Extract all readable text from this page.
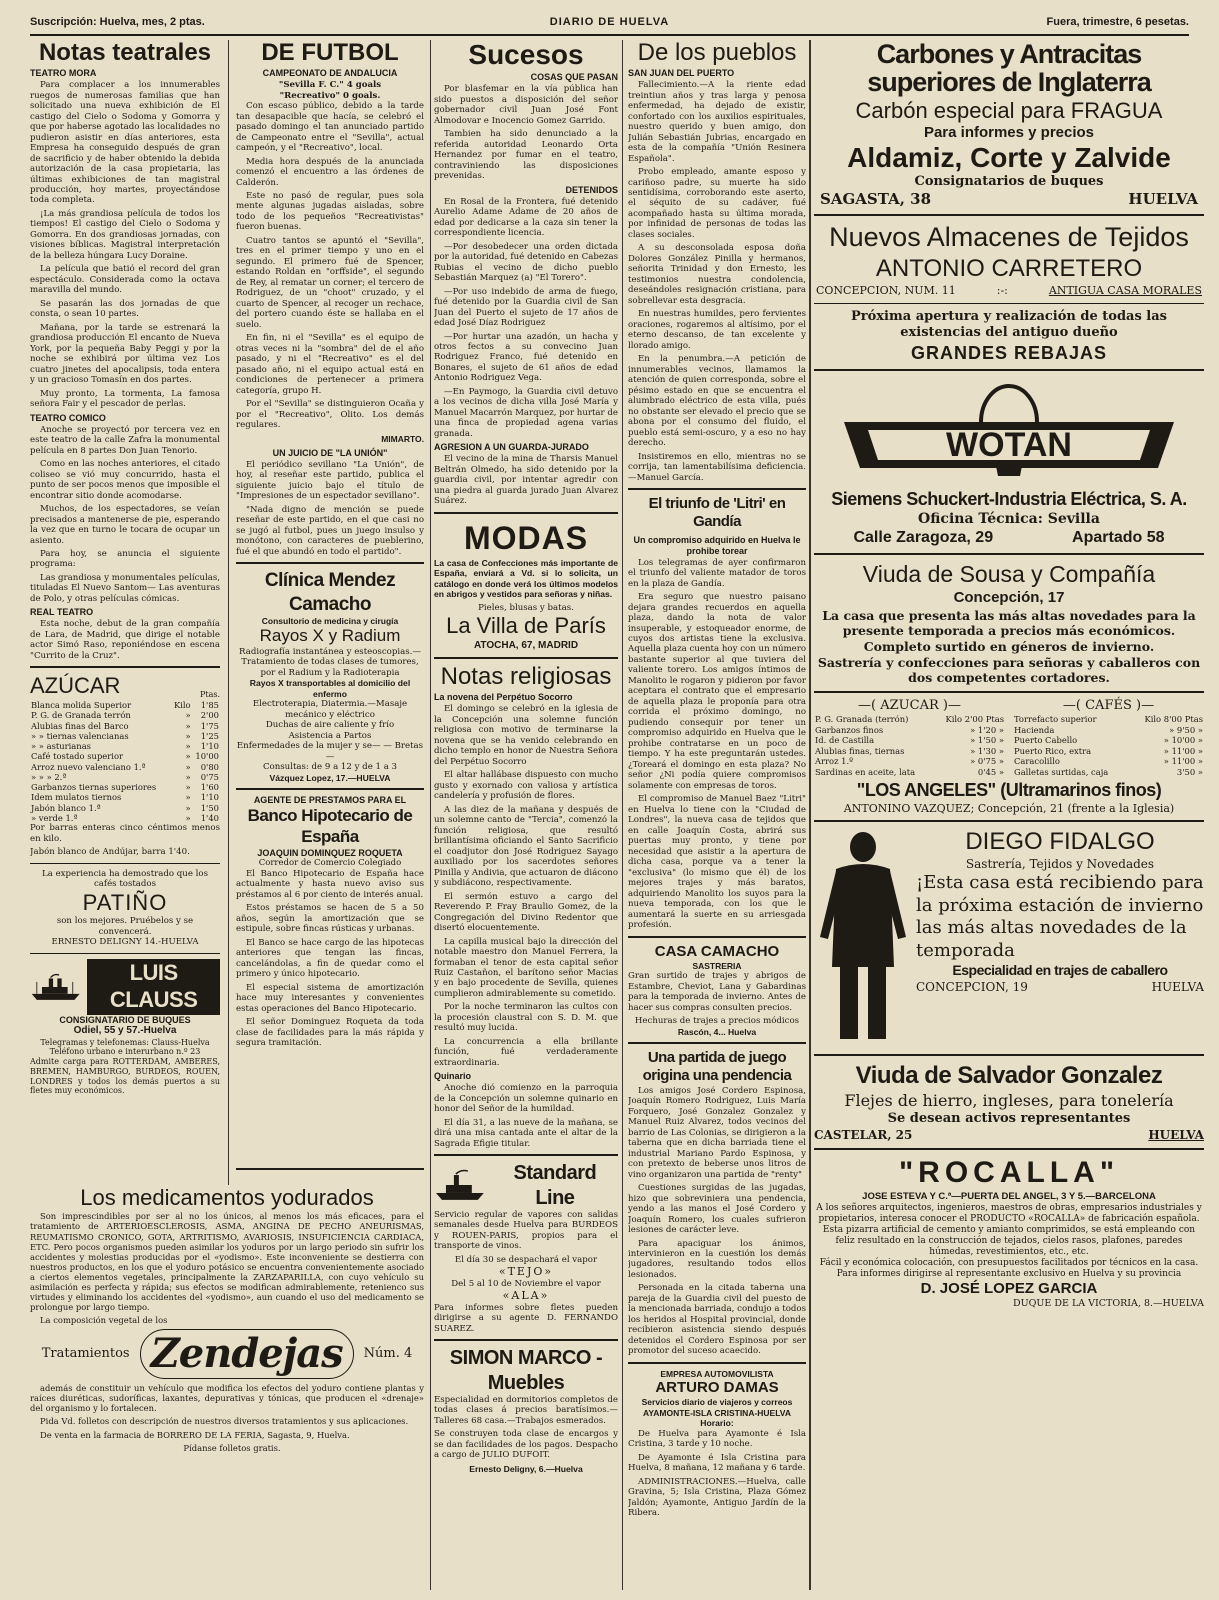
Suscripción: Huelva, mes, 2 ptas.	DIARIO DE HUELVA	Fuera, trimestre, 6 pesetas.
Notas teatrales
TEATRO MORA

Para complacer a los innumerables ruegos de numerosas familias que han solicitado una nueva exhibición de El castigo del Cielo o Sodoma y Gomorra y que por haberse agotado las localidades no pudieron asistir en días anteriores, esta Empresa ha conseguido después de gran de sacrificio y de haber obtenido la debida autorización de la casa propietaria, las últimas exhibiciones de tan magistral producción, hoy martes, proyectándose toda completa.

¡La más grandiosa película de todos los tiempos! El castigo del Cielo o Sodoma y Gomorra. En dos grandiosas jornadas, con visiones bíblicas. Magistral interpretación de la belleza húngara Lucy Doraine.

La película que batió el record del gran espectáculo. Considerada como la octava maravilla del mundo.

Se pasarán las dos jornadas de que consta, o sean 10 partes.

Mañana, por la tarde se estrenará la grandiosa producción El encanto de Nueva York, por la pequeña Baby Peggi y por la noche se exhibirá por última vez Los cuatro jinetes del apocalipsis, toda entera y un gracioso Tomasín en dos partes.

Muy pronto, La tormenta, La famosa señora Fair y el pescador de perlas.

TEATRO COMICO

Anoche se proyectó por tercera vez en este teatro de la calle Zafra la monumental película en 8 partes Don Juan Tenorio.

Como en las noches anteriores, el citado coliseo se vió muy concurrido, hasta el punto de ser pocos menos que imposible el encontrar sitio donde acomodarse.

Muchos, de los espectadores, se veían precisados a mantenerse de pie, esperando la vez que en turno le tocara de ocupar un asiento.

Para hoy, se anuncia el siguiente programa:

Las grandiosa y monumentales películas, tituladas El Nuevo Santom— Las aventuras de Polo, y otras películas cómicas.

REAL TEATRO

Esta noche, debut de la gran compañía de Lara, de Madrid, que dirige el notable actor Simó Raso, reponiéndose en escena "Currito de la Cruz".

AZÚCAR	Ptas.
Blanca molida Superior	Kilo	1'85
P. G. de Granada terrón	»	2'00
Alubias finas del Barco	»	1'75
» » tiernas valencianas	»	1'25
» » asturianas	»	1'10
Café tostado superior	»	10'00
Arroz nuevo valenciano 1.ª	»	0'80
» » » 2.ª	»	0'75
Garbanzos tiernas superiores	»	1'60
Idem mulatos tiernos	»	1'10
Jabón blanco 1.ª	»	1'50
» verde 1.ª	»	1'40

Por barras enteras cinco céntimos menos en kilo.

Jabón blanco de Andújar, barra 1'40.

La experiencia ha demostrado que los cafés tostados
PATIÑO
son los mejores. Pruébelos y se convencerá.
ERNESTO DELIGNY 14.-HUELVA
LUIS CLAUSS
CONSIGNATARIO DE BUQUES
Odiel, 55 y 57.-Huelva
Telegramas y telefonemas: Clauss-Huelva
Teléfono urbano e interurbano n.º 23

Admite carga para ROTTERDAM, AMBERES, BREMEN, HAMBURGO, BURDEOS, ROUEN, LONDRES y todos los demás puertos a su fletes muy económicos.

DE FUTBOL
CAMPEONATO DE ANDALUCIA
"Sevilla F. C." 4 goals
"Recreativo" 0 goals.

Con escaso público, debido a la tarde tan desapacible que hacía, se celebró el pasado domingo el tan anunciado partido de Campeonato entre el "Sevilla", actual campeón, y el "Recreativo", local.

Media hora después de la anunciada comenzó el encuentro a las órdenes de Calderón.

Este no pasó de regular, pues sola mente algunas jugadas aisladas, sobre todo de los pequeños "Recreativistas" fueron buenas.

Cuatro tantos se apuntó el "Sevilla", tres en el primer tiempo y uno en el segundo. El primero fué de Spencer, estando Roldan en "orffside", el segundo de Rey, al rematar un corner; el tercero de Rodriguez, de un "choot" cruzado, y el cuarto de Spencer, al recoger un rechace, del portero cuando éste se hallaba en el suelo.

En fin, ni el "Sevilla" es el equipo de otras veces ni la "sombra" del de el año pasado, y ni el "Recreativo" es el del pasado año, ni el equipo actual está en condiciones de pertenecer a primera categoría, grupo H.

Por el "Sevilla" se distinguieron Ocaña y por el "Recreativo", Olito. Los demás regulares.

MIMARTO.
UN JUICIO DE "LA UNIÓN"

El periódico sevillano "La Unión", de hoy, al reseñar este partido, publica el siguiente juicio bajo el título de "Impresiones de un espectador sevillano".

"Nada digno de mención se puede reseñar de este partido, en el que casi no se jugó al futbol, pues un juego insulso y monótono, con caracteres de pueblerino, fué el que abundó en todo el partido".

Clínica Mendez Camacho
Consultorio de medicina y cirugía
Rayos X y Radium
Radiografía instantánea y esteoscopias.—Tratamiento de todas clases de tumores, por el Radium y la Radioterapia
Rayos X transportables al domicilio del enfermo
Electroterapia, Diatermia.—Masaje mecánico y eléctrico
Duchas de aire caliente y frío
Asistencia a Partos
Enfermedades de la mujer y se— — Bretas —
Consultas: de 9 a 12 y de 1 a 3
Vázquez Lopez, 17.—HUELVA
AGENTE DE PRESTAMOS PARA EL
Banco Hipotecario de España
JOAQUIN DOMINQUEZ ROQUETA
Corredor de Comercio Colegiado

El Banco Hipotecario de España hace actualmente y hasta nuevo aviso sus préstamos al 6 por ciento de interés anual.

Estos préstamos se hacen de 5 a 50 años, según la amortización que se estipule, sobre fincas rústicas y urbanas.

El Banco se hace cargo de las hipotecas anteriores que tengan las fincas, cancelándolas, a fin de quedar como el primero y único hipotecario.

El especial sistema de amortización hace muy interesantes y convenientes estas operaciones del Banco Hipotecario.

El señor Dominguez Roqueta da toda clase de facilidades para la más rápida y segura tramitación.

Los medicamentos yodurados

Son imprescindibles por ser al no los únicos, al menos los más eficaces, para el tratamiento de ARTERIOESCLEROSIS, ASMA, ANGINA DE PECHO ANEURISMAS, REUMATISMO CRONICO, GOTA, ARTRITISMO, AVARIOSIS, INSUFICIENCIA CARDIACA, ETC. Pero pocos organismos pueden asimilar los yoduros por un largo periodo sin sufrir los accidentes y molestias producidas por el «yodismo». Este inconveniente se destierra con nuestros productos, en los que el yoduro potásico se encuentra convenientemente asociado a ciertos elementos vegetales, principalmente la ZARZAPARILLA, con cuyo vehículo su asimilación es perfecta y rápida; sus efectos se modifican admirablemente, retenienco sus virtudes y eliminando los accidentes del «yodismo», aun cuando el uso del medicamento se prolongue por largo tiempo.

La composición vegetal de los

Tratamientos Zendejas	Núm. 4

además de constituir un vehículo que modifica los efectos del yoduro contiene plantas y raíces diuréticas, sudoríficas, laxantes, depurativas y tónicas, que producen el «drenaje» del organismo y lo fortalecen.

Pida Vd. folletos con descripción de nuestros diversos tratamientos y sus aplicaciones.

De venta en la farmacia de BORRERO DE LA FERIA, Sagasta, 9, Huelva.

Pídanse folletos gratis.

Sucesos
COSAS QUE PASAN

Por blasfemar en la vía pública han sido puestos a disposición del señor gobernador civil Juan José Font Almodovar e Inocencio Gomez Garrido.

Tambien ha sido denunciado a la referida autoridad Leonardo Orta Hernandez por fumar en el teatro, contraviniendo las disposiciones prevenidas.

DETENIDOS

En Rosal de la Frontera, fué detenido Aurelio Adame Adame de 20 años de edad por dedicarse a la caza sin tener la correspondiente licencia.

—Por desobedecer una orden dictada por la autoridad, fué detenido en Cabezas Rubias el vecino de dicho pueblo Sebastián Marquez (a) "El Torero".

—Por uso indebido de arma de fuego, fué detenido por la Guardia civil de San Juan del Puerto el sujeto de 17 años de edad José Díaz Rodriguez

—Por hurtar una azadón, un hacha y otros fectos a su convecino Juan Rodriguez Franco, fué detenido en Bonares, el sujeto de 61 años de edad Antonio Rodriguez Vega.

—En Paymogo, la Guardia civil detuvo a los vecinos de dicha villa José María y Manuel Macarrón Marquez, por hurtar de una finca de propiedad agena varias granada.

AGRESION A UN GUARDA-JURADO

El vecino de la mina de Tharsis Manuel Beltrán Olmedo, ha sido detenido por la guardia civil, por intentar agredir con una piedra al guarda jurado Juan Alvarez Suárez.

MODAS

La casa de Confecciones más importante de España, enviará a Vd. si lo solicita, un catálogo en donde verá los últimos modelos en abrigos y vestidos para señoras y niñas.

Pieles, blusas y batas.
La Villa de París
ATOCHA, 67, MADRID
Notas religiosas
La novena del Perpétuo Socorro

El domingo se celebró en la iglesia de la Concepción una solemne función religiosa con motivo de terminarse la novena que se ha venido celebrando en dicho templo en honor de Nuestra Señora del Perpétuo Socorro

El altar hallábase dispuesto con mucho gusto y exornado con valiosa y artística candelería y profusión de flores.

A las diez de la mañana y después de un solemne canto de "Tercia", comenzó la función religiosa, que resultó brillantísima oficiando el Santo Sacrificio el coadjutor don José Rodriguez Sayago auxiliado por los sacerdotes señores Pinilla y Andivia, que actuaron de diácono y subdiácono, respectivamente.

El sermón estuvo a cargo del Reverendo P. Fray Braulio Gomez, de la Congregación del Divino Redentor que disertó elocuentemente.

La capilla musical bajo la dirección del notable maestro don Manuel Ferrera, la formaban el tenor de esta capital señor Ruiz Castañon, el barítono señor Macias y en bajo procedente de Sevilla, quienes cumplieron admirablemente su cometido.

Por la noche terminaron las cultos con la procesión claustral con S. D. M. que resultó muy lucida.

La concurrencia a ella brillante función, fué verdaderamente extraordinaria.

Quinario

Anoche dió comienzo en la parroquia de la Concepción un solemne quinario en honor del Señor de la humildad.

El día 31, a las nueve de la mañana, se dirá una misa cantada ante el altar de la Sagrada Efigie titular.

Standard Line

Servicio regular de vapores con salidas semanales desde Huelva para BURDEOS y ROUEN-PARIS, propios para el transporte de vinos.

El día 30 se despachará el vapor
«TEJO»
Del 5 al 10 de Noviembre el vapor
«ALA»

Para informes sobre fletes pueden dirigirse a su agente D. FERNANDO SUAREZ.

SIMON MARCO -Muebles

Especialidad en dormitorios completos de todas clases á precios baratísimos.—Talleres 68 casa.—Trabajos esmerados.

Se construyen toda clase de encargos y se dan facilidades de los pagos. Despacho a cargo de JULIO DUFOIT.

Ernesto Deligny, 6.—Huelva
De los pueblos
SAN JUAN DEL PUERTO

Fallecimiento.—A la riente edad treintiun años y tras larga y penosa enfermedad, ha dejado de existir, confortado con los auxilios espirituales, nuestro querido y buen amigo, don Julián Sebastián Jubrias, encargado en esta de la compañía "Unión Resinera Española".

Probo empleado, amante esposo y cariñoso padre, su muerte ha sido sentidísima, corroborando este aserto, el séquito de su cadáver, fué acompañado hasta su última morada, por infinidad de personas de todas las clases sociales.

A su desconsolada esposa doña Dolores González Pinilla y hermanos, señorita Trinidad y don Ernesto, les testimonios nuestra condolencia, deseándoles resignación cristiana, para sobrellevar esta desgracia.

En nuestras humildes, pero fervientes oraciones, rogaremos al altísimo, por el eterno descanso, de tan excelente y llorado amigo.

En la penumbra.—A petición de innumerables vecinos, llamamos la atención de quien corresponda, sobre el pésimo estado en que se encuentra el alumbrado eléctrico de esta villa, pués no obstante ser elevado el precio que se abona por el consumo del fluido, el pueblo está semi-oscuro, y a eso no hay derecho.

Insistiremos en ello, mientras no se corrija, tan lamentabilísima deficiencia.—Manuel García.

El triunfo de 'Litri' en Gandía
Un compromiso adquirido en Huelva le prohibe torear

Los telegramas de ayer confirmaron el triunfo del valiente matador de toros en la plaza de Gandía.

Era seguro que nuestro paisano dejara grandes recuerdos en aquella plaza, dando la nota de valor insuperable, y estoqueador enorme, de cuyos dos artistas tiene la exclusiva. Aquella plaza cuenta hoy con un número bastante superior al que tuviera del valiente torero. Los amigos íntimos de Manolito le rogaron y pidieron por favor aceptara el contrato que el empresario de aquella plaza le proponía para otra corrida el próximo domingo, no pudiendo consequir por tener un compromiso adquirido en Huelva que le prohibe contratarse en un poco de tiempo. Y ha este preguntarán ustedes. ¿Toreará el domingo en esta plaza? No señor ¿Ni podía quiere compromisos solamente con empresas de toros.

El compromiso de Manuel Baez "Litri" en Huelva lo tiene con la "Ciudad de Londres", la nueva casa de tejidos que en calle Joaquín Costa, abrirá sus puertas muy pronto, y tiene por necesidad que asistir a la apertura de dicha casa, porque va a tener la "exclusiva" (lo mismo que él) de los mejores trajes y más baratos, adquiriendo Manolito los suyos para la nueva temporada, con los que le aumentará la suerte en su arriesgada profesión.

CASA CAMACHO
SASTRERIA

Gran surtido de trajes y abrigos de Estambre, Cheviot, Lana y Gabardinas para la temporada de invierno. Antes de hacer sus compras consulten precios.

Hechuras de trajes a precios módicos
Rascón, 4... Huelva
Una partida de juego origina una pendencia

Los amigos José Cordero Espinosa, Joaquín Romero Rodriguez, Luis María Forquero, José Gonzalez Gonzalez y Manuel Ruiz Alvarez, todos vecinos del barrio de Las Colonias, se dirigieron a la taberna que en dicha barriada tiene el industrial Mariano Pardo Espinosa, y con pretexto de beberse unos litros de vino organizaron una partida de "renty"

Cuestiones surgidas de las jugadas, hizo que sobreviniera una pendencia, yendo a las manos el José Cordero y Joaquín Romero, los cuales sufrieron lesiones de carácter leve.

Para apaciguar los ánimos, intervinieron en la cuestión los demás jugadores, resultando todos ellos lesionados.

Personada en la citada taberna una pareja de la Guardia civil del puesto de la mencionada barriada, condujo a todos los heridos al Hospital provincial, donde recibieron asistencia siendo después detenidos el Cordero Espinosa por ser promotor del suceso acaecido.

EMPRESA AUTOMOVILISTA
ARTURO DAMAS
Servicios diario de viajeros y correos AYAMONTE-ISLA CRISTINA-HUELVA
Horario:

De Huelva para Ayamonte é Isla Cristina, 3 tarde y 10 noche.

De Ayamonte é Isla Cristina para Huelva, 8 mañana, 12 mañana y 6 tarde.

ADMINISTRACIONES.—Huelva, calle Gravina, 5; Isla Cristina, Plaza Gómez Jaldón; Ayamonte, Antiguo Jardín de la Ribera.

Carbones y Antracitas superiores de Inglaterra
Carbón especial para FRAGUA
Para informes y precios
Aldamiz, Corte y Zalvide
Consignatarios de buques
SAGASTA, 38	HUELVA
Nuevos Almacenes de Tejidos
ANTONIO CARRETERO
CONCEPCION, NUM. 11	:-:	ANTIGUA CASA MORALES
Próxima apertura y realización de todas las existencias del antiguo dueño
GRANDES REBAJAS
WOTAN
Siemens Schuckert-Industria Eléctrica, S. A.
Oficina Técnica: Sevilla
Calle Zaragoza, 29	Apartado 58
Viuda de Sousa y Compañía
Concepción, 17
La casa que presenta las más altas novedades para la presente temporada a precios más económicos.
Completo surtido en géneros de invierno.
Sastrería y confecciones para señoras y caballeros con dos competentes cortadores.
—( AZUCAR )—
P. G. Granada (terrón)	Kilo 2'00 Ptas
Garbanzos finos	» 1'20 »
Id. de Castilla	» 1'50 »
Alubias finas, tiernas	» 1'30 »
Arroz 1.º	» 0'75 »
Sardinas en aceite, lata	0'45 »
—( CAFÉS )—
Torrefacto superior	Kilo 8'00 Ptas
Hacienda	» 9'50 »
Puerto Cabello	» 10'00 »
Puerto Rico, extra	» 11'00 »
Caracolillo	» 11'00 »
Galletas surtidas, caja	3'50 »
"LOS ANGELES" (Ultramarinos finos)
ANTONINO VAZQUEZ; Concepción, 21 (frente a la Iglesia)
DIEGO FIDALGO
Sastrería, Tejidos y Novedades
¡Esta casa está recibiendo para la próxima estación de invierno las más altas novedades de la temporada
Especialidad en trajes de caballero
CONCEPCION, 19	HUELVA
Viuda de Salvador Gonzalez
Flejes de hierro, ingleses, para tonelería
Se desean activos representantes
CASTELAR, 25	HUELVA
"ROCALLA"
JOSE ESTEVA Y C.ª—PUERTA DEL ANGEL, 3 Y 5.—BARCELONA
A los señores arquitectos, ingenieros, maestros de obras, empresarios industriales y propietarios, interesa conocer el PRODUCTO «ROCALLA» de fabricación española.
Esta pizarra artificial de cemento y amianto comprimidos, se está empleando con feliz resultado en la construcción de tejados, cielos rasos, plafones, paredes húmedas, revestimientos, etc., etc.
Fácil y económica colocación, con presupuestos facilitados por técnicos en la casa.
Para informes dirigirse al representante exclusivo en Huelva y su provincia
D. JOSÉ LOPEZ GARCIA
DUQUE DE LA VICTORIA, 8.—HUELVA
